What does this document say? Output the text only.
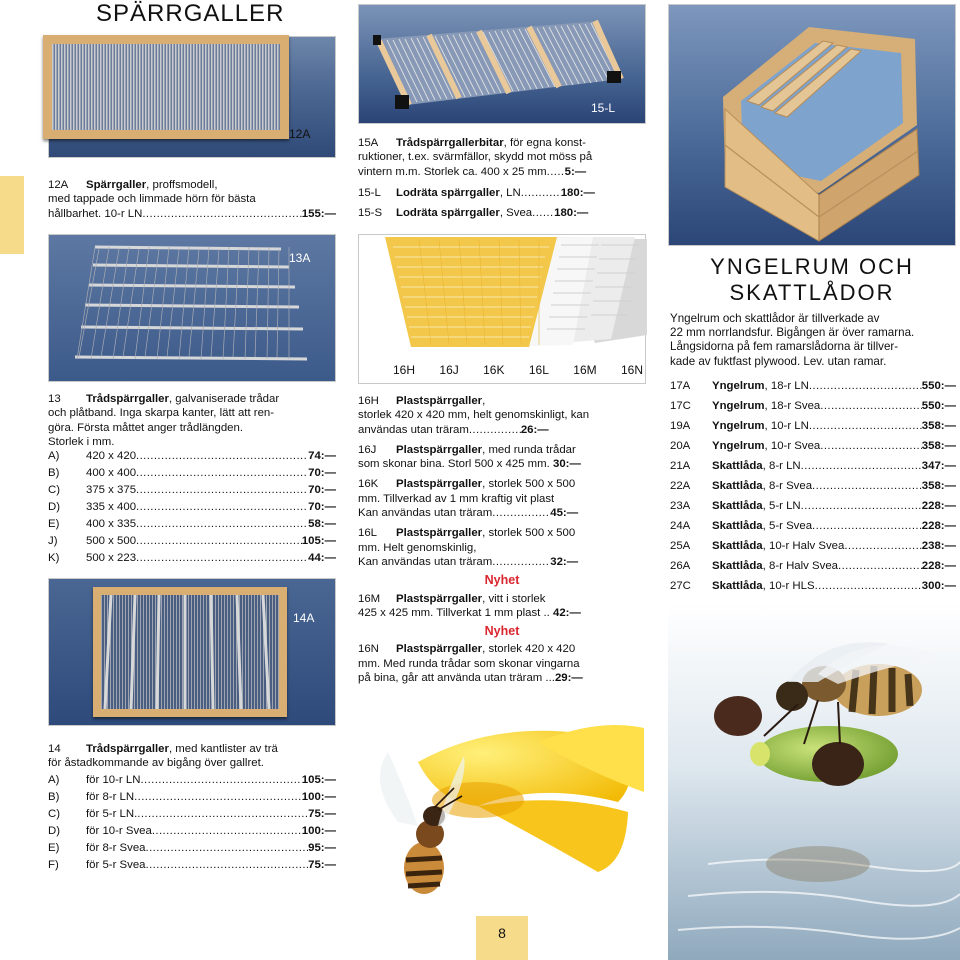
SPÄRRGALLER
12A
12A Spärrgaller, proffsmodell,
med tappade och limmade hörn för bästa
hållbarhet. 10-r LN .....	155:—
13A
13 Trådspärrgaller, galvaniserade trådar
och plåtband. Inga skarpa kanter, lätt att ren-
göra. Första måttet anger trådlängden.
Storlek i mm.
A)	420 x 420 .....	74:—
B)	400 x 400 .....	70:—
C)	375 x 375 .....	70:—
D)	335 x 400 .....	70:—
E)	400 x 335 .....	58:—
J)	500 x 500 .....	105:—
K)	500 x 223 .....	44:—
14A
14 Trådspärrgaller, med kantlister av trä
för åstadkommande av bigång över gallret.
A)	för 10-r LN .....	105:—
B)	för 8-r LN .....	100:—
C)	för 5-r LN. .....	75:—
D)	för 10-r Svea .....	100:—
E)	för 8-r Svea .....	95:—
F)	för 5-r Svea .....	75:—
15-L
15A Trådspärrgallerbitar, för egna konst-
ruktioner, t.ex. svärmfällor, skydd mot möss på
vintern m.m. Storlek ca. 400 x 25 mm ..... 5:—
15-L	Lodräta spärrgaller , LN .....	180:—
15-S	Lodräta spärrgaller , Svea ..... 180:—
16H 16J 16K 16L 16M 16N
16H Plastspärrgaller,
storlek 420 x 420 mm, helt genomskinligt, kan
användas utan träram .....	26:—
16J Plastspärrgaller, med runda trådar
som skonar bina. Storl 500 x 425 mm. 30:—
16K Plastspärrgaller, storlek 500 x 500
mm. Tillverkad av 1 mm kraftig vit plast
Kan användas utan träram .....	45:—
16L Plastspärrgaller, storlek 500 x 500
mm. Helt genomskinlig,
Kan användas utan träram .....	32:—
Nyhet
16M Plastspärrgaller, vitt i storlek
425 x 425 mm. Tillverkat 1 mm plast .. 42:—
Nyhet
16N Plastspärrgaller, storlek 420 x 420
mm. Med runda trådar som skonar vingarna
på bina, går att använda utan träram ...29:—
YNGELRUM OCH
SKATTLÅDOR
Yngelrum och skattlådor är tillverkade av
22 mm norrlandsfur. Bigången är över ramarna.
Långsidorna på fem ramarslådorna är tillver-
kade av fuktfast plywood. Lev. utan ramar.
17A	Yngelrum , 18-r LN .....	550:—
17C	Yngelrum , 18-r Svea .....	550:—
19A	Yngelrum , 10-r LN .....	358:—
20A	Yngelrum , 10-r Svea .....	358:—
21A	Skattlåda , 8-r LN .....	347:—
22A	Skattlåda , 8-r Svea .....	358:—
23A	Skattlåda , 5-r LN .....	228:—
24A	Skattlåda , 5-r Svea .....	228:—
25A	Skattlåda , 10-r Halv Svea .....	238:—
26A	Skattlåda , 8-r Halv Svea .....	228:—
27C	Skattlåda , 10-r HLS .....	300:—
8
